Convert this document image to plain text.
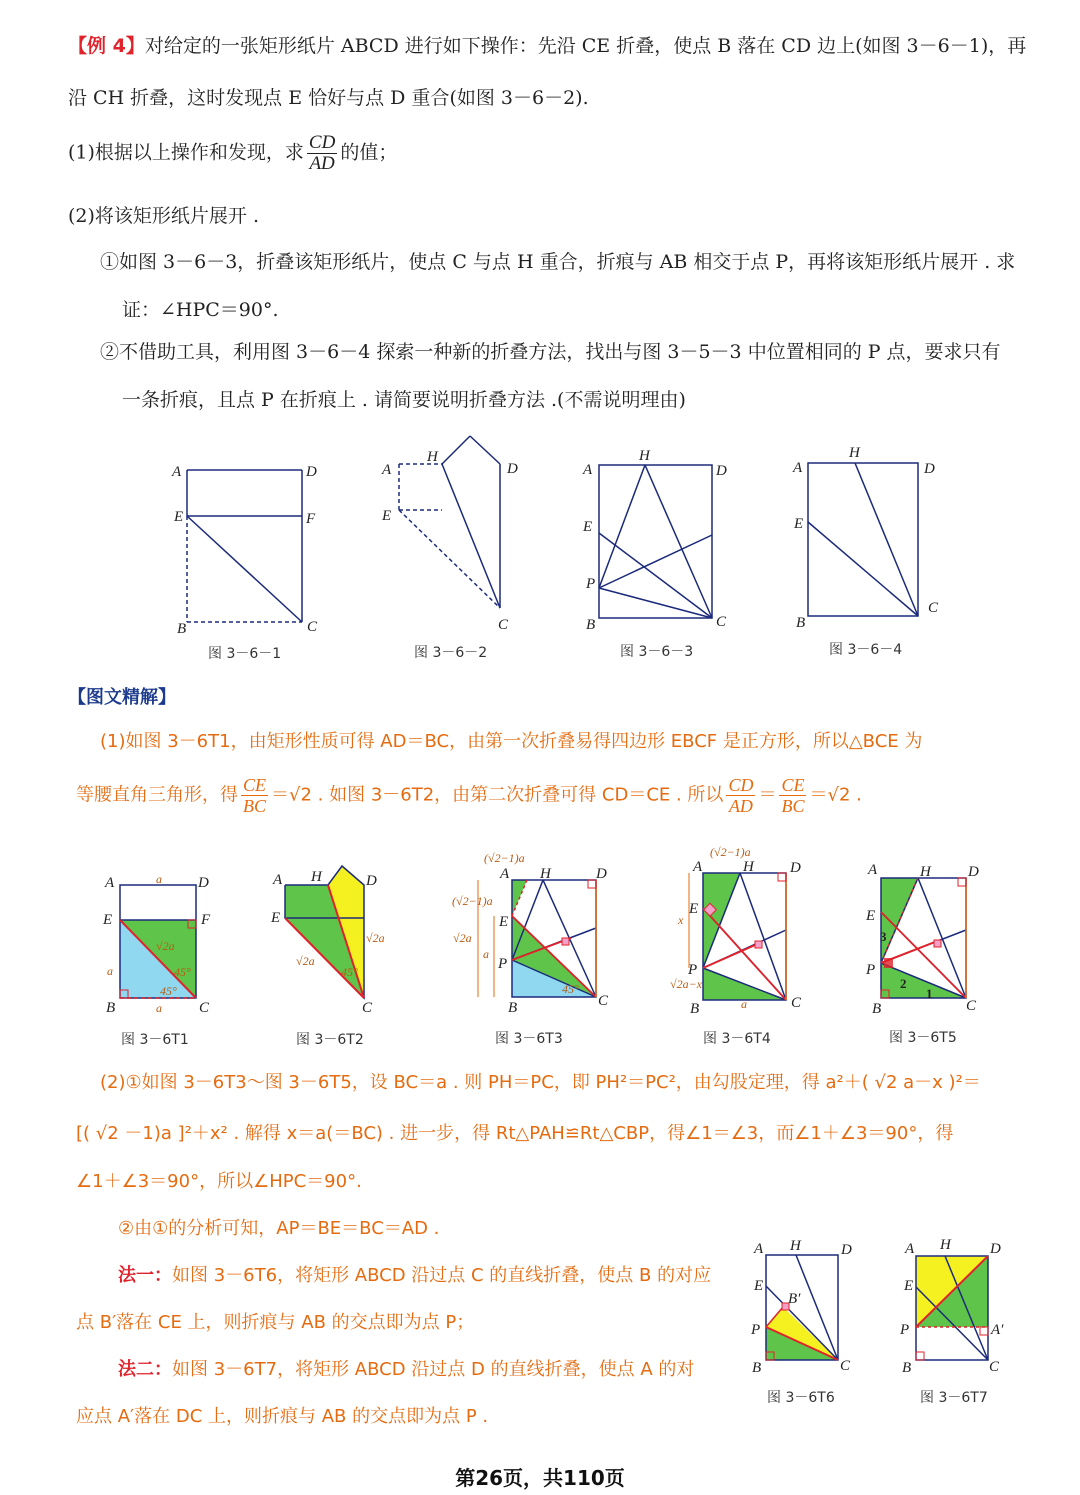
【例 4】对给定的一张矩形纸片 ABCD 进行如下操作：先沿 CE 折叠，使点 B 落在 CD 边上(如图 3－6－1)，再
沿 CH 折叠，这时发现点 E 恰好与点 D 重合(如图 3－6－2).
(1)根据以上操作和发现，求 $\frac{CD}{AD}$ 的值；
(2)将该矩形纸片展开 .
①如图 3－6－3，折叠该矩形纸片，使点 C 与点 H 重合，折痕与 AB 相交于点 P，再将该矩形纸片展开 . 求
证：∠HPC＝90°.
②不借助工具，利用图 3－6－4 探索一种新的折叠方法，找出与图 3－5－3 中位置相同的 P 点，要求只有
一条折痕，且点 P 在折痕上 . 请简要说明折叠方法 .(不需说明理由)
A	D
E	F
B	C
图 3－6－1
A
H
D
E
C
图 3－6－2
A
H
D
E
P
B	C
图 3－6－3
A
H
D
E
B
C
图 3－6－4
【图文精解】
(1)如图 3－6T1，由矩形性质可得 AD＝BC，由第一次折叠易得四边形 EBCF 是正方形，所以△BCE 为
等腰直角三角形，得 $\frac{CE}{BC} =√2$ . 如图 3－6T2，由第二次折叠可得 CD＝CE . 所以 $\frac{CD}{AD} = \frac{CE}{BC} =√2$ .
A	D
E	F
B	C
a
a
a
√2a
45°
45°
图 3－6T1
A H	D
E
C
√2a
√2a
45°
图 3－6T2
A H	D
E
P
B	C
(√2−1)a
(√2−1)a
√2a
a
45°
图 3－6T3
A	H D
E
P
B	C
(√2−1)a
x
√2a−x
a
图 3－6T4
A	H D
E
P
B	C
3
2
1
图 3－6T5
(2)①如图 3－6T3～图 3－6T5，设 BC＝a . 则 PH＝PC，即 PH²＝PC²，由勾股定理，得 a²＋( √2 a－x )²＝
[( √2 －1)a ]²＋x² . 解得 x＝a(＝BC) . 进一步，得 Rt△PAH≌Rt△CBP，得∠1＝∠3，而∠1＋∠3＝90°，得
∠1＋∠3＝90°，所以∠HPC＝90°.
②由①的分析可知，AP＝BE＝BC＝AD .
法一：如图 3－6T6，将矩形 ABCD 沿过点 C 的直线折叠，使点 B 的对应
点 B′落在 CE 上，则折痕与 AB 的交点即为点 P；
法二：如图 3－6T7，将矩形 ABCD 沿过点 D 的直线折叠，使点 A 的对
应点 A′落在 DC 上，则折痕与 AB 的交点即为点 P .
A H	D
E
B′
P
B	C
图 3－6T6
A H	D
E
P	A′
B	C
图 3－6T7
第26页，共110页
